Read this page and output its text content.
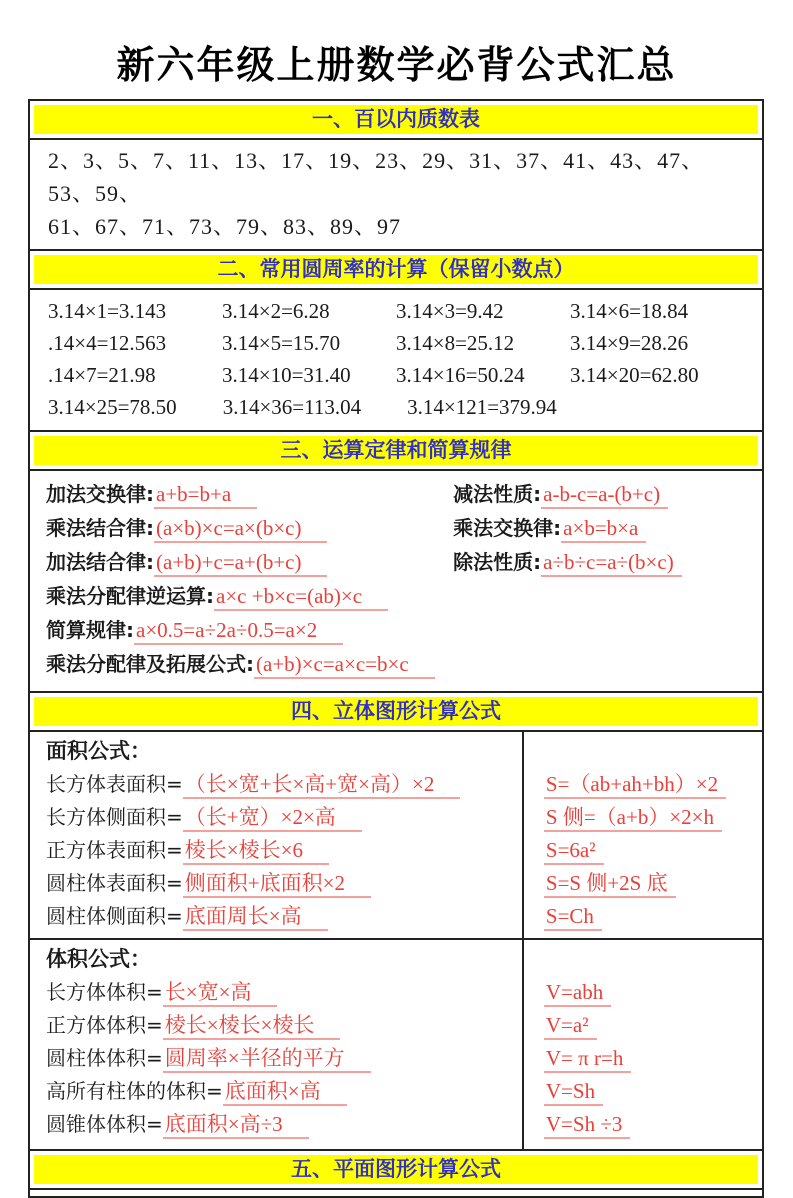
新六年级上册数学必背公式汇总
一、百以内质数表
2、3、5、7、11、13、17、19、23、29、31、37、41、43、47、53、59、
61、67、71、73、79、83、89、97
二、常用圆周率的计算（保留小数点）
3.14×1=3.143	3.14×2=6.28	3.14×3=9.42	3.14×6=18.84
.14×4=12.563	3.14×5=15.70	3.14×8=25.12	3.14×9=28.26
.14×7=21.98	3.14×10=31.40	3.14×16=50.24	3.14×20=62.80
3.14×25=78.50 3.14×36=113.04 3.14×121=379.94
三、运算定律和简算规律
加法交换律:a+b=b+a	减法性质:a-b-c=a-(b+c)
乘法结合律:(a×b)×c=a×(b×c)	乘法交换律:a×b=b×a
加法结合律:(a+b)+c=a+(b+c)	除法性质:a÷b÷c=a÷(b×c)
乘法分配律逆运算:a×c +b×c=(ab)×c
简算规律:a×0.5=a÷2a÷0.5=a×2
乘法分配律及拓展公式:(a+b)×c=a×c=b×c
四、立体图形计算公式
面积公式：
长方体表面积=（长×宽+长×高+宽×高）×2	S=（ab+ah+bh）×2
长方体侧面积=（长+宽）×2×高	S 侧=（a+b）×2×h
正方体表面积=棱长×棱长×6	S=6a²
圆柱体表面积=侧面积+底面积×2	S=S 侧+2S 底
圆柱体侧面积=底面周长×高	S=Ch
体积公式：
长方体体积=长×宽×高	V=abh
正方体体积=棱长×棱长×棱长	V=a²
圆柱体体积=圆周率×半径的平方	V= π r=h
高所有柱体的体积=底面积×高	V=Sh
圆锥体体积=底面积×高÷3	V=Sh ÷3
五、平面图形计算公式
